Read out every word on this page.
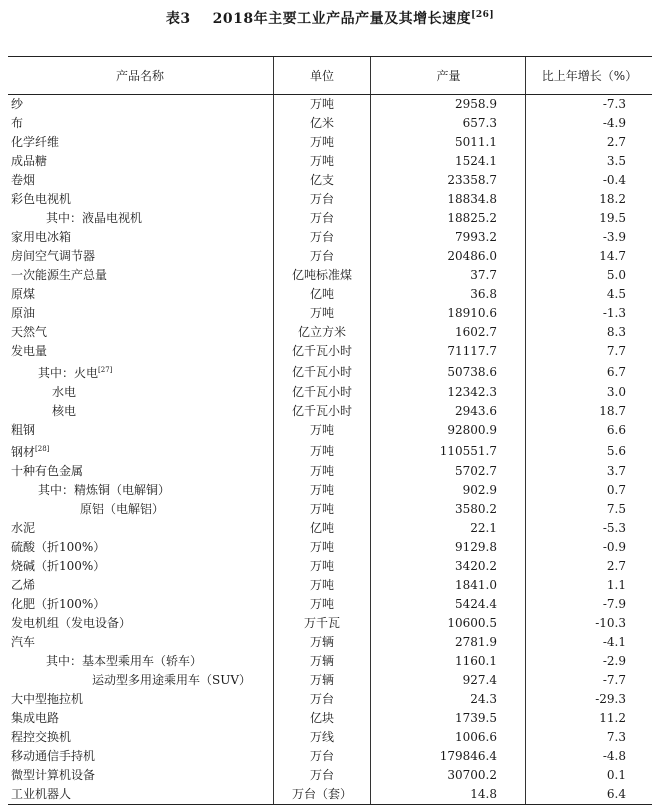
表3 2018年主要工业产品产量及其增长速度[26]
产品名称	单位	产量	比上年增长（%）
纱	万吨	2958.9	-7.3
布	亿米	657.3	-4.9
化学纤维	万吨	5011.1	2.7
成品糖	万吨	1524.1	3.5
卷烟	亿支	23358.7	-0.4
彩色电视机	万台	18834.8	18.2
其中：液晶电视机	万台	18825.2	19.5
家用电冰箱	万台	7993.2	-3.9
房间空气调节器	万台	20486.0	14.7
一次能源生产总量	亿吨标准煤	37.7	5.0
原煤	亿吨	36.8	4.5
原油	万吨	18910.6	-1.3
天然气	亿立方米	1602.7	8.3
发电量	亿千瓦小时	71117.7	7.7
其中：火电[27]	亿千瓦小时	50738.6	6.7
水电	亿千瓦小时	12342.3	3.0
核电	亿千瓦小时	2943.6	18.7
粗钢	万吨	92800.9	6.6
钢材[28]	万吨	110551.7	5.6
十种有色金属	万吨	5702.7	3.7
其中：精炼铜（电解铜）	万吨	902.9	0.7
原铝（电解铝）	万吨	3580.2	7.5
水泥	亿吨	22.1	-5.3
硫酸（折100%）	万吨	9129.8	-0.9
烧碱（折100%）	万吨	3420.2	2.7
乙烯	万吨	1841.0	1.1
化肥（折100%）	万吨	5424.4	-7.9
发电机组（发电设备）	万千瓦	10600.5	-10.3
汽车	万辆	2781.9	-4.1
其中：基本型乘用车（轿车）	万辆	1160.1	-2.9
运动型多用途乘用车（SUV）	万辆	927.4	-7.7
大中型拖拉机	万台	24.3	-29.3
集成电路	亿块	1739.5	11.2
程控交换机	万线	1006.6	7.3
移动通信手持机	万台	179846.4	-4.8
微型计算机设备	万台	30700.2	0.1
工业机器人	万台（套）	14.8	6.4
